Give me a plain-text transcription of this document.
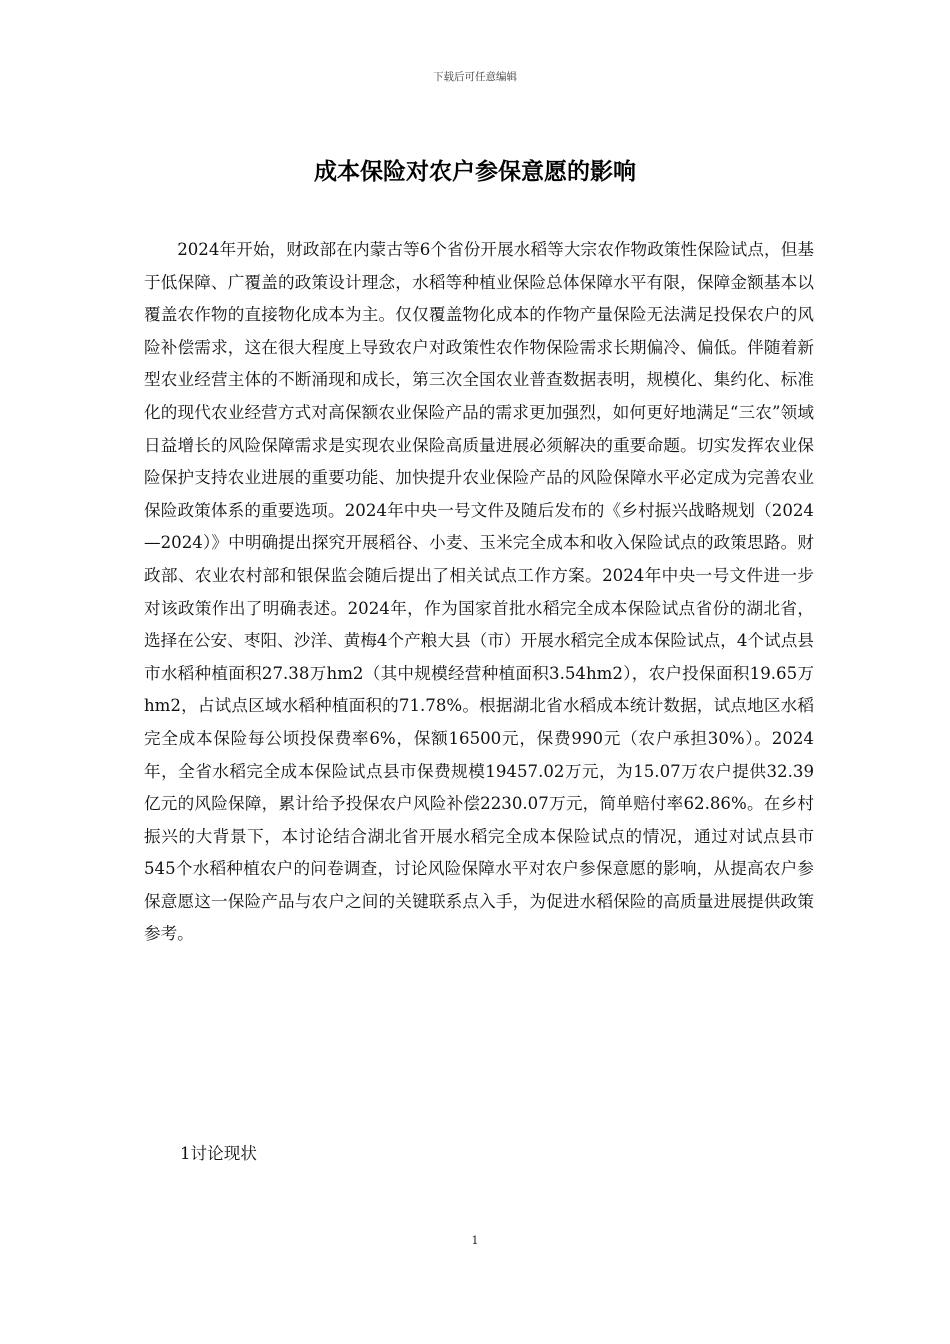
下载后可任意编辑
成本保险对农户参保意愿的影响

2024年开始，财政部在内蒙古等6个省份开展水稻等大宗农作物政策性保险试点，但基于低保障、广覆盖的政策设计理念，水稻等种植业保险总体保障水平有限，保障金额基本以覆盖农作物的直接物化成本为主。仅仅覆盖物化成本的作物产量保险无法满足投保农户的风险补偿需求，这在很大程度上导致农户对政策性农作物保险需求长期偏冷、偏低。伴随着新型农业经营主体的不断涌现和成长，第三次全国农业普查数据表明，规模化、集约化、标准化的现代农业经营方式对高保额农业保险产品的需求更加强烈，如何更好地满足“三农”领域日益增长的风险保障需求是实现农业保险高质量进展必须解决的重要命题。切实发挥农业保险保护支持农业进展的重要功能、加快提升农业保险产品的风险保障水平必定成为完善农业保险政策体系的重要选项。2024年中央一号文件及随后发布的《乡村振兴战略规划（2024—2024）》中明确提出探究开展稻谷、小麦、玉米完全成本和收入保险试点的政策思路。财政部、农业农村部和银保监会随后提出了相关试点工作方案。2024年中央一号文件进一步对该政策作出了明确表述。2024年，作为国家首批水稻完全成本保险试点省份的湖北省，选择在公安、枣阳、沙洋、黄梅4个产粮大县（市）开展水稻完全成本保险试点，4个试点县市水稻种植面积27.38万hm2（其中规模经营种植面积3.54hm2），农户投保面积19.65万hm2，占试点区域水稻种植面积的71.78%。根据湖北省水稻成本统计数据，试点地区水稻完全成本保险每公顷投保费率6%，保额16500元，保费990元（农户承担30%）。2024年，全省水稻完全成本保险试点县市保费规模19457.02万元，为15.07万农户提供32.39亿元的风险保障，累计给予投保农户风险补偿2230.07万元，简单赔付率62.86%。在乡村振兴的大背景下，本讨论结合湖北省开展水稻完全成本保险试点的情况，通过对试点县市545个水稻种植农户的问卷调查，讨论风险保障水平对农户参保意愿的影响，从提高农户参保意愿这一保险产品与农户之间的关键联系点入手，为促进水稻保险的高质量进展提供政策参考。

1讨论现状

1
